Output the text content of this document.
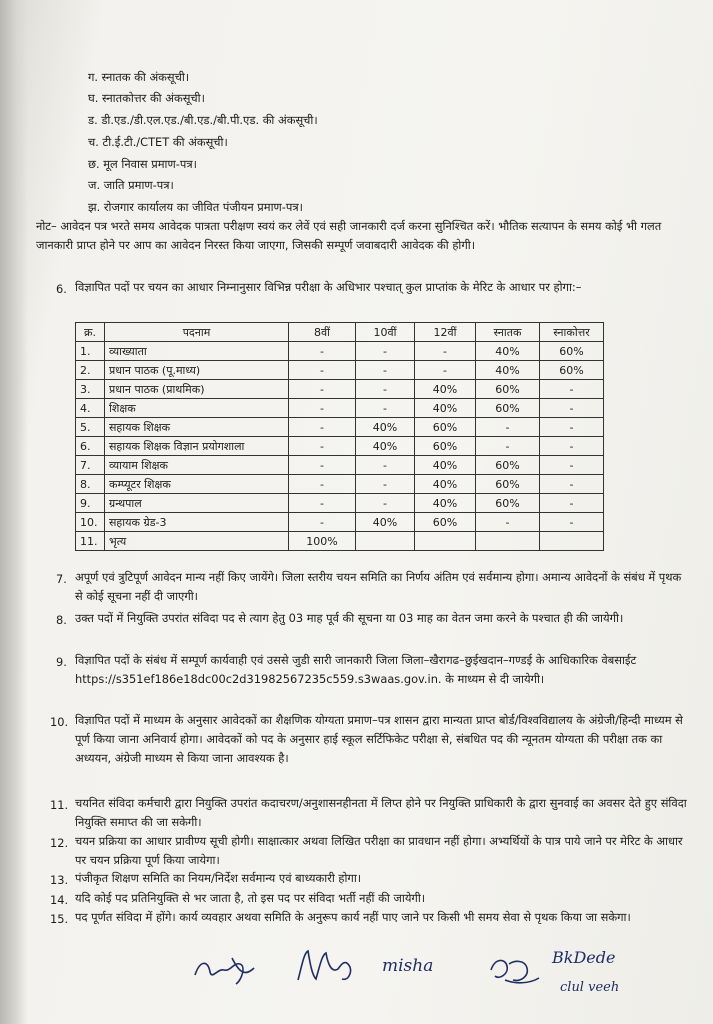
ग. स्नातक की अंकसूची।
घ. स्नातकोत्तर की अंकसूची।
ड. डी.एड./डी.एल.एड./बी.एड./बी.पी.एड. की अंकसूची।
च. टी.ई.टी./CTET की अंकसूची।
छ. मूल निवास प्रमाण-पत्र।
ज. जाति प्रमाण-पत्र।
झ. रोजगार कार्यालय का जीवित पंजीयन प्रमाण-पत्र।
नोट– आवेदन पत्र भरते समय आवेदक पात्रता परीक्षण स्वयं कर लेवें एवं सही जानकारी दर्ज करना सुनिश्चित करें। भौतिक सत्यापन के समय कोई भी गलत जानकारी प्राप्त होने पर आप का आवेदन निरस्त किया जाएगा, जिसकी सम्पूर्ण जवाबदारी आवेदक की होगी।
6. विज्ञापित पदों पर चयन का आधार निम्नानुसार विभिन्न परीक्षा के अधिभार पश्चात् कुल प्राप्तांक के मेरिट के आधार पर होगा:–
क्र.	पदनाम	8वीं	10वीं	12वीं	स्नातक	स्नाकोत्तर
1.	व्याख्याता	-	-	-	40%	60%
2.	प्रधान पाठक (पू.माध्य)	-	-	-	40%	60%
3.	प्रधान पाठक (प्राथमिक)	-	-	40%	60%	-
4.	शिक्षक	-	-	40%	60%	-
5.	सहायक शिक्षक	-	40%	60%	-	-
6.	सहायक शिक्षक विज्ञान प्रयोगशाला	-	40%	60%	-	-
7.	व्यायाम शिक्षक	-	-	40%	60%	-
8.	कम्प्यूटर शिक्षक	-	-	40%	60%	-
9.	ग्रन्थपाल	-	-	40%	60%	-
10.	सहायक ग्रेड-3	-	40%	60%	-	-
11.	भृत्य	100%				
7. अपूर्ण एवं त्रुटिपूर्ण आवेदन मान्य नहीं किए जायेंगे। जिला स्तरीय चयन समिति का निर्णय अंतिम एवं सर्वमान्य होगा। अमान्य आवेदनों के संबंध में पृथक से कोई सूचना नहीं दी जाएगी।
8. उक्त पदों में नियुक्ति उपरांत संविदा पद से त्याग हेतु 03 माह पूर्व की सूचना या 03 माह का वेतन जमा करने के पश्चात ही की जायेगी।
9. विज्ञापित पदों के संबंध में सम्पूर्ण कार्यवाही एवं उससे जुडी सारी जानकारी जिला जिला–खैरागढ–छुईखदान–गण्डई के आधिकारिक वेबसाईट https://s351ef186e18dc00c2d31982567235c559.s3waas.gov.in. के माध्यम से दी जायेगी।
10. विज्ञापित पदों में माध्यम के अनुसार आवेदकों का शैक्षणिक योग्यता प्रमाण–पत्र शासन द्वारा मान्यता प्राप्त बोर्ड/विश्वविद्यालय के अंग्रेजी/हिन्दी माध्यम से पूर्ण किया जाना अनिवार्य होगा। आवेदकों को पद के अनुसार हाई स्कूल सर्टिफिकेट परीक्षा से, संबधित पद की न्यूनतम योग्यता की परीक्षा तक का अध्ययन, अंग्रेजी माध्यम से किया जाना आवश्यक है।
11. चयनित संविदा कर्मचारी द्वारा नियुक्ति उपरांत कदाचरण/अनुशासनहीनता में लिप्त होने पर नियुक्ति प्राधिकारी के द्वारा सुनवाई का अवसर देते हुए संविदा नियुक्ति समाप्त की जा सकेगी।
12. चयन प्रक्रिया का आधार प्रावीण्य सूची होगी। साक्षात्कार अथवा लिखित परीक्षा का प्रावधान नहीं होगा। अभ्यर्थियों के पात्र पाये जाने पर मेरिट के आधार पर चयन प्रक्रिया पूर्ण किया जायेगा।
13. पंजीकृत शिक्षण समिति का नियम/निर्देश सर्वमान्य एवं बाध्यकारी होगा।
14. यदि कोई पद प्रतिनियुक्ति से भर जाता है, तो इस पद पर संविदा भर्ती नहीं की जायेगी।
15. पद पूर्णत संविदा में होंगे। कार्य व्यवहार अथवा समिति के अनुरूप कार्य नहीं पाए जाने पर किसी भी समय सेवा से पृथक किया जा सकेगा।
misha	BkDede
clul veeh
